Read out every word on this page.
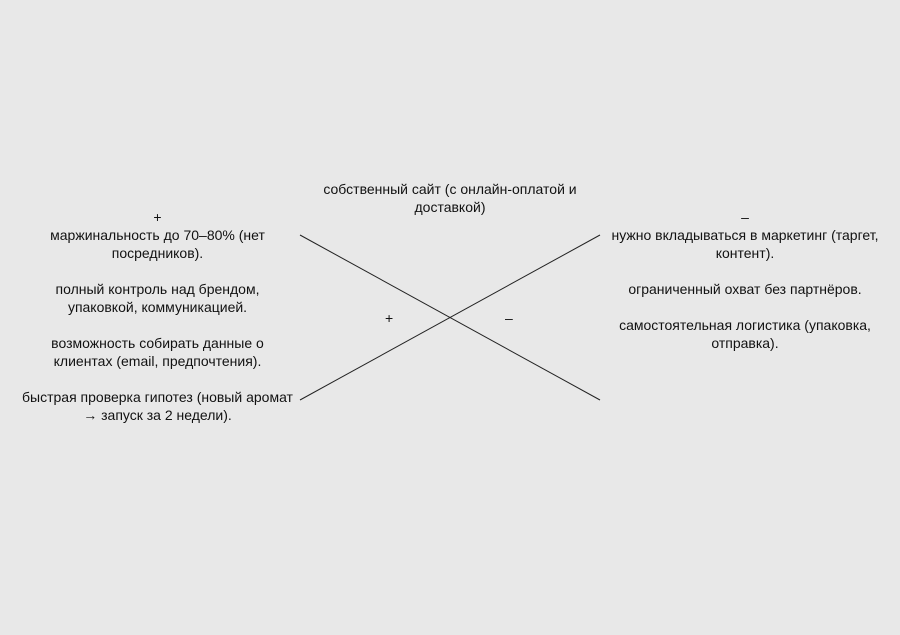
собственный сайт (с онлайн-оплатой и доставкой)
+

маржинальность до 70–80% (нет посредников).

полный контроль над брендом, упаковкой, коммуникацией.

возможность собирать данные о клиентах (email, предпочтения).

быстрая проверка гипотез (новый аромат → запуск за 2 недели).

–

нужно вкладываться в маркетинг (таргет, контент).

ограниченный охват без партнёров.

самостоятельная логистика (упаковка, отправка).

+	–
